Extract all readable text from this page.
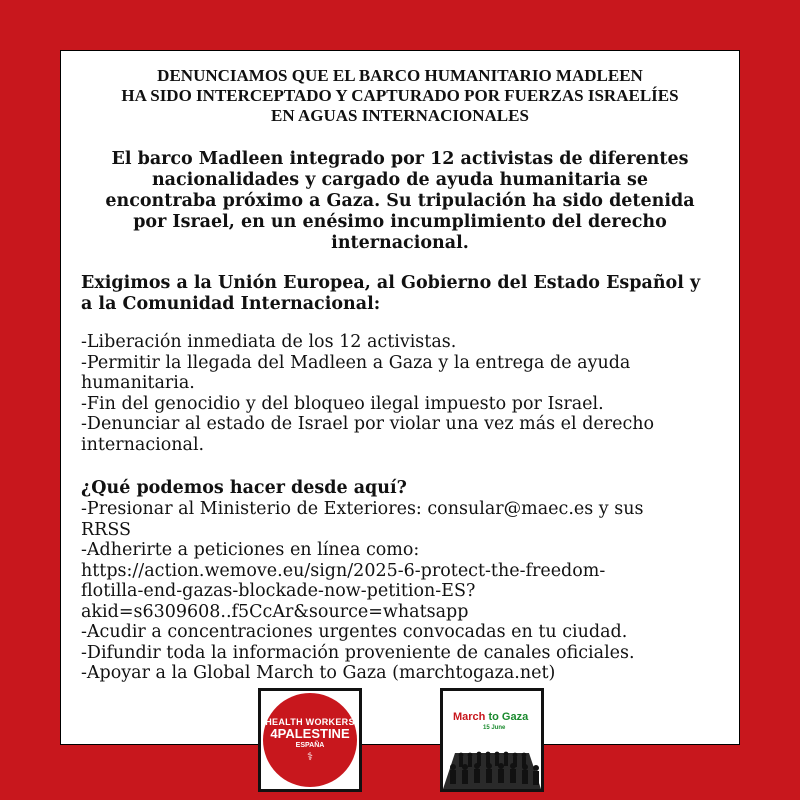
DENUNCIAMOS QUE EL BARCO HUMANITARIO MADLEEN
HA SIDO INTERCEPTADO Y CAPTURADO POR FUERZAS ISRAELÍES
EN AGUAS INTERNACIONALES

El barco Madleen integrado por 12 activistas de diferentes
nacionalidades y cargado de ayuda humanitaria se
encontraba próximo a Gaza. Su tripulación ha sido detenida
por Israel, en un enésimo incumplimiento del derecho
internacional.

Exigimos a la Unión Europea, al Gobierno del Estado Español y
a la Comunidad Internacional:
-Liberación inmediata de los 12 activistas.
-Permitir la llegada del Madleen a Gaza y la entrega de ayuda
humanitaria.
-Fin del genocidio y del bloqueo ilegal impuesto por Israel.
-Denunciar al estado de Israel por violar una vez más el derecho
internacional.
¿Qué podemos hacer desde aquí?
-Presionar al Ministerio de Exteriores: consular@maec.es y sus
RRSS
-Adherirte a peticiones en línea como:
https://action.wemove.eu/sign/2025-6-protect-the-freedom-
flotilla-end-gazas-blockade-now-petition-ES?
akid=s6309608..f5CcAr&source=whatsapp
-Acudir a concentraciones urgentes convocadas en tu ciudad.
-Difundir toda la información proveniente de canales oficiales.
-Apoyar a la Global March to Gaza (marchtogaza.net)
HEALTH WORKERS
4PALESTINE
ESPAÑA
⚕
March to Gaza
15 June
